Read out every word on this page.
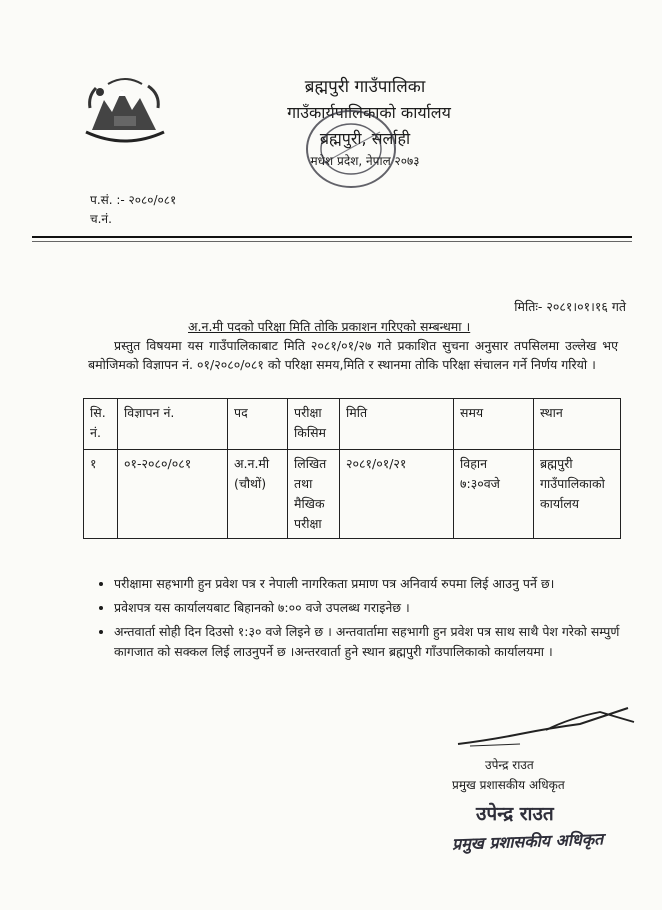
ब्रह्मपुरी गाउँपालिका
गाउँकार्यपालिकाको कार्यालय
ब्रह्मपुरी, सर्लाही
मधेश प्रदेश, नेपाल २०७३
प.सं. :- २०८०/०८१
च.नं.
मितिः- २०८१।०१।१६ गते
अ.न.मी पदको परिक्षा मिति तोकि प्रकाशन गरिएको सम्बन्धमा ।
प्रस्तुत विषयमा यस गाउँपालिकाबाट मिति २०८१/०१/२७ गते प्रकाशित सुचना अनुसार तपसिलमा उल्लेख भए बमोजिमको विज्ञापन नं. ०१/२०८०/०८१ को परिक्षा समय,मिति र स्थानमा तोकि परिक्षा संचालन गर्ने निर्णय गरियो ।
सि. नं.	विज्ञापन नं.	पद	परीक्षा किसिम	मिति	समय	स्थान
१	०१-२०८०/०८१	अ.न.मी (चौथों)	लिखित तथा मैखिक परीक्षा	२०८१/०१/२१	विहान ७:३०वजे	ब्रह्मपुरी गाउँपालिकाको कार्यालय
• परीक्षामा सहभागी हुन प्रवेश पत्र र नेपाली नागरिकता प्रमाण पत्र अनिवार्य रुपमा लिई आउनु पर्ने छ।
• प्रवेशपत्र यस कार्यालयबाट बिहानको ७:०० वजे उपलब्ध गराइनेछ ।
• अन्तवार्ता सोही दिन दिउसो १:३० वजे लिइने छ । अन्तवार्तामा सहभागी हुन प्रवेश पत्र साथ साथै पेश गरेको सम्पुर्ण कागजात को सक्कल लिई लाउनुपर्ने छ ।अन्तरवार्ता हुने स्थान ब्रह्मपुरी गाँउपालिकाको कार्यालयमा ।
उपेन्द्र राउत
प्रमुख प्रशासकीय अधिकृत
उपेन्द्र राउत
प्रमुख प्रशासकीय अधिकृत
